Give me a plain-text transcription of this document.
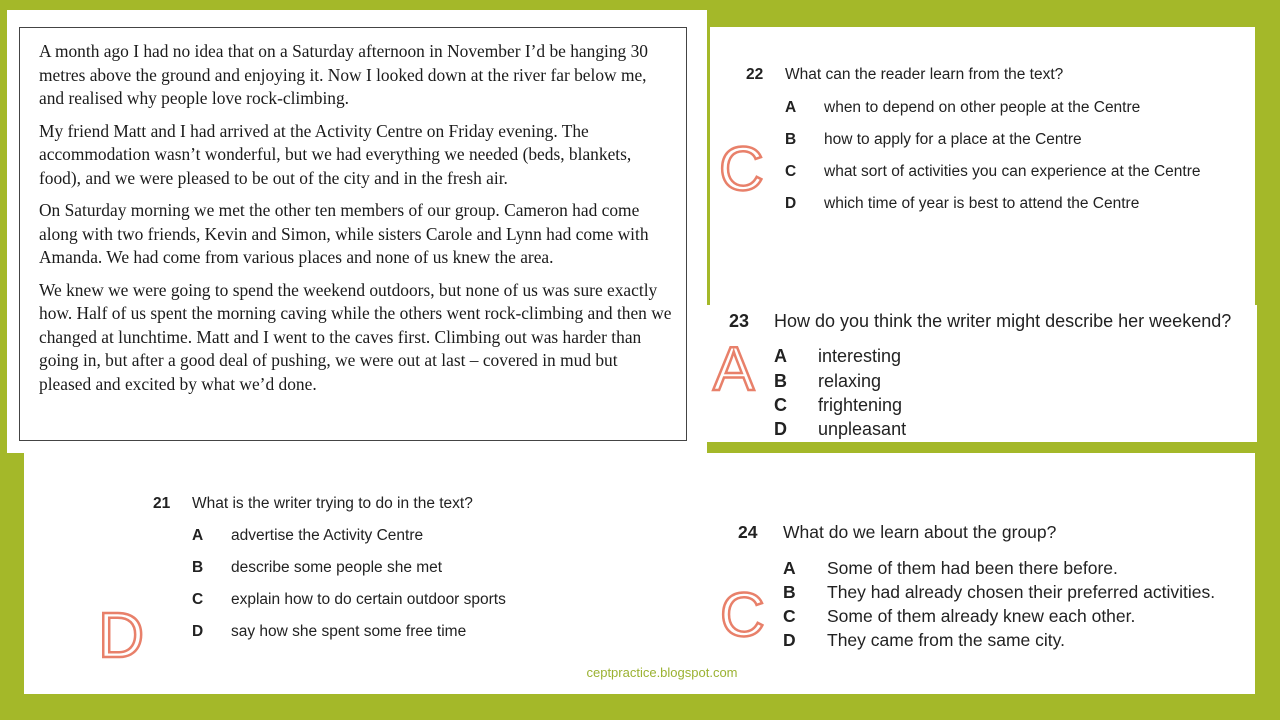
A month ago I had no idea that on a Saturday afternoon in November I’d be hanging 30 metres above the ground and enjoying it. Now I looked down at the river far below me, and realised why people love rock-climbing.

My friend Matt and I had arrived at the Activity Centre on Friday evening. The accommodation wasn’t wonderful, but we had everything we needed (beds, blankets, food), and we were pleased to be out of the city and in the fresh air.

On Saturday morning we met the other ten members of our group. Cameron had come along with two friends, Kevin and Simon, while sisters Carole and Lynn had come with Amanda. We had come from various places and none of us knew the area.

We knew we were going to spend the weekend outdoors, but none of us was sure exactly how. Half of us spent the morning caving while the others went rock-climbing and then we changed at lunchtime. Matt and I went to the caves first. Climbing out was harder than going in, but after a good deal of pushing, we were out at last – covered in mud but pleased and excited by what we’d done.

22 What can the reader learn from the text?
A when to depend on other people at the Centre
B how to apply for a place at the Centre
C what sort of activities you can experience at the Centre
D which time of year is best to attend the Centre
C
23 How do you think the writer might describe her weekend?
A interesting
B relaxing
C frightening
D unpleasant
A
21 What is the writer trying to do in the text?
A advertise the Activity Centre
B describe some people she met
C explain how to do certain outdoor sports
D say how she spent some free time
D
24 What do we learn about the group?
A Some of them had been there before.
B They had already chosen their preferred activities.
C Some of them already knew each other.
D They came from the same city.
C
ceptpractice.blogspot.com
